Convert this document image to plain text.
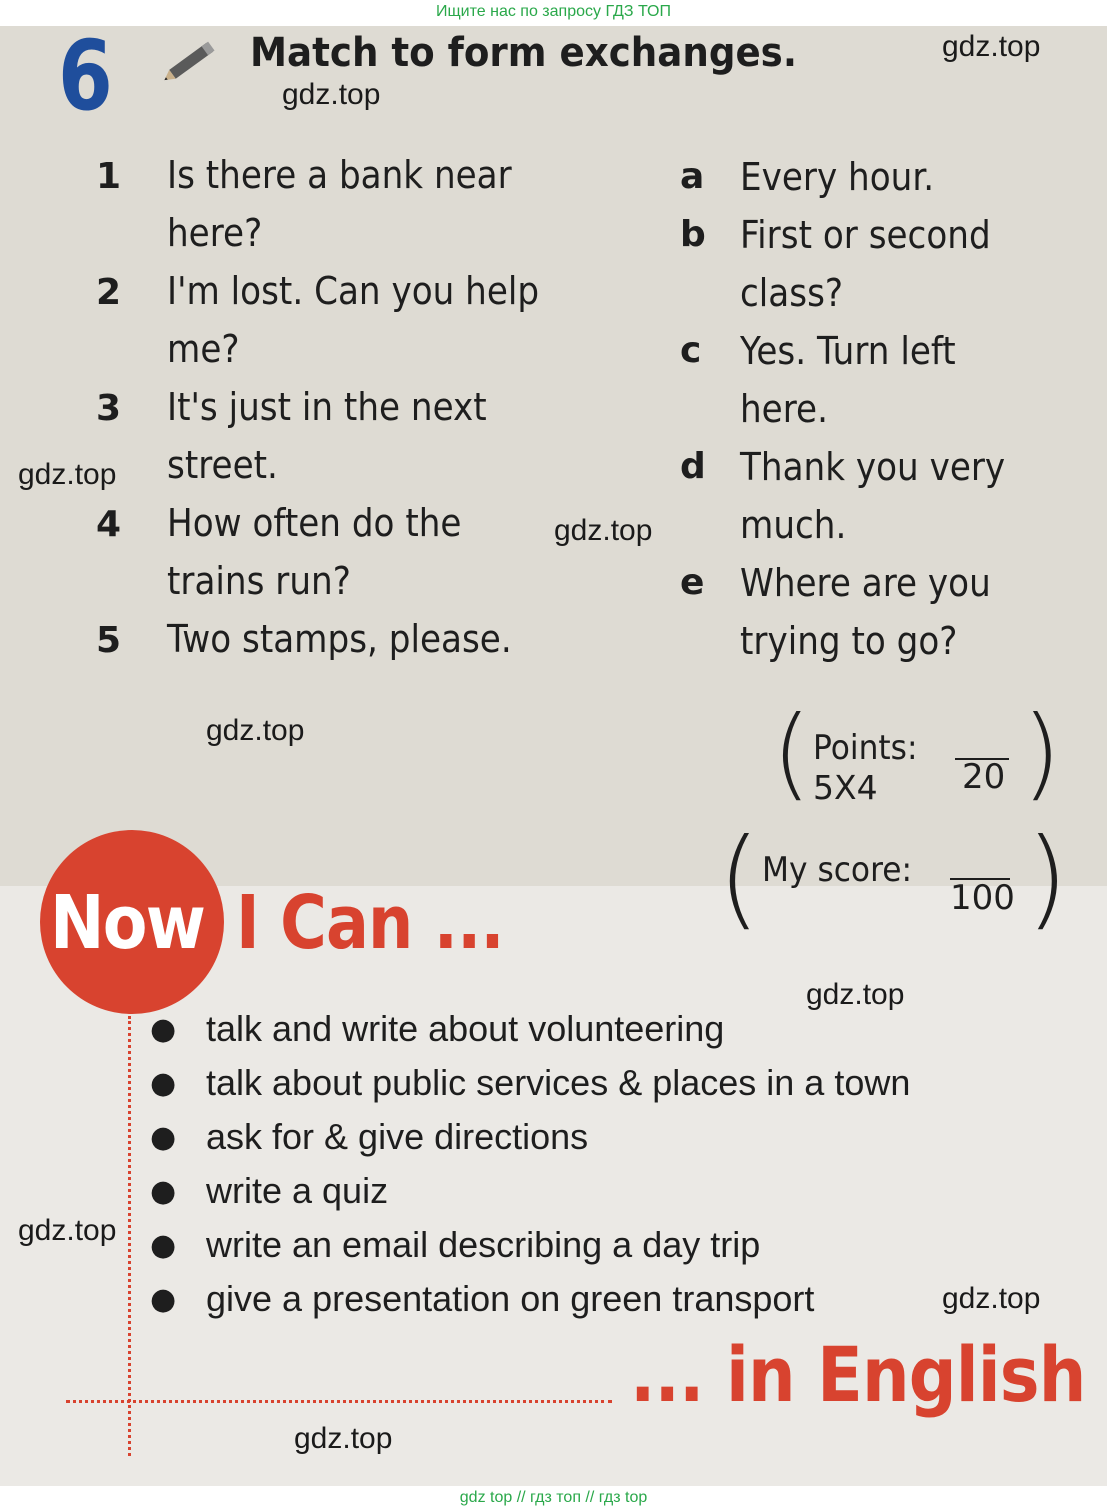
Ищите нас по запросу ГДЗ ТОП
6	Match to form exchanges.
1 Is there a bank near
here?
2 I'm lost. Can you help
me?
3 It's just in the next
street.
4 How often do the
trains run?
5 Two stamps, please.
a Every hour.
b First or second
class?
c Yes. Turn left
here.
d Thank you very
much.
e Where are you
trying to go?
( Points:
5X4 20 )
( My score:
100 )
Now I Can ...
● talk and write about volunteering
● talk about public services & places in a town
● ask for & give directions
● write a quiz
● write an email describing a day trip
● give a presentation on green transport
... in English
gdz.top
gdz.top
gdz.top
gdz.top
gdz.top
gdz.top
gdz.top
gdz.top
gdz.top
gdz top // гдз топ // гдз top
